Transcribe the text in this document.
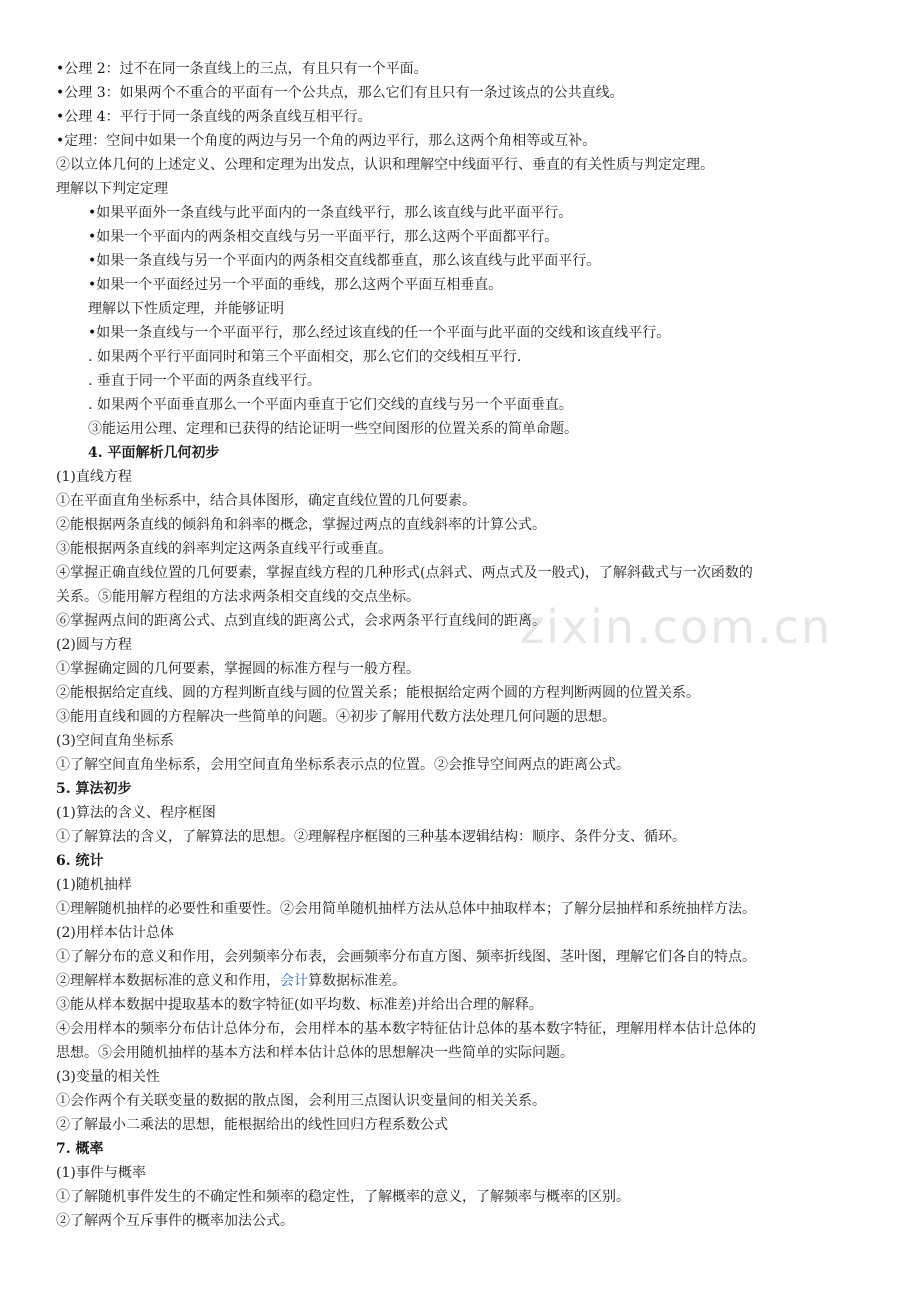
zixin.com.cn
•公理 2：过不在同一条直线上的三点，有且只有一个平面。
•公理 3：如果两个不重合的平面有一个公共点，那么它们有且只有一条过该点的公共直线。
•公理 4：平行于同一条直线的两条直线互相平行。
•定理：空间中如果一个角度的两边与另一个角的两边平行，那么这两个角相等或互补。
②以立体几何的上述定义、公理和定理为出发点，认识和理解空中线面平行、垂直的有关性质与判定定理。
理解以下判定定理
•如果平面外一条直线与此平面内的一条直线平行，那么该直线与此平面平行。
•如果一个平面内的两条相交直线与另一平面平行，那么这两个平面都平行。
•如果一条直线与另一个平面内的两条相交直线都垂直，那么该直线与此平面平行。
•如果一个平面经过另一个平面的垂线，那么这两个平面互相垂直。
理解以下性质定理，并能够证明
•如果一条直线与一个平面平行，那么经过该直线的任一个平面与此平面的交线和该直线平行。
. 如果两个平行平面同时和第三个平面相交，那么它们的交线相互平行.
. 垂直于同一个平面的两条直线平行。
. 如果两个平面垂直那么一个平面内垂直于它们交线的直线与另一个平面垂直。
③能运用公理、定理和已获得的结论证明一些空间图形的位置关系的简单命题。
4. 平面解析几何初步
(1)直线方程
①在平面直角坐标系中，结合具体图形，确定直线位置的几何要素。
②能根据两条直线的倾斜角和斜率的概念，掌握过两点的直线斜率的计算公式。
③能根据两条直线的斜率判定这两条直线平行或垂直。
④掌握正确直线位置的几何要素，掌握直线方程的几种形式(点斜式、两点式及一般式)，了解斜截式与一次函数的
关系。⑤能用解方程组的方法求两条相交直线的交点坐标。
⑥掌握两点间的距离公式、点到直线的距离公式，会求两条平行直线间的距离。
(2)圆与方程
①掌握确定圆的几何要素，掌握圆的标准方程与一般方程。
②能根据给定直线、圆的方程判断直线与圆的位置关系；能根据给定两个圆的方程判断两圆的位置关系。
③能用直线和圆的方程解决一些简单的问题。④初步了解用代数方法处理几何问题的思想。
(3)空间直角坐标系
①了解空间直角坐标系，会用空间直角坐标系表示点的位置。②会推导空间两点的距离公式。
5. 算法初步
(1)算法的含义、程序框图
①了解算法的含义，了解算法的思想。②理解程序框图的三种基本逻辑结构：顺序、条件分支、循环。
6. 统计
(1)随机抽样
①理解随机抽样的必要性和重要性。②会用简单随机抽样方法从总体中抽取样本；了解分层抽样和系统抽样方法。
(2)用样本估计总体
①了解分布的意义和作用，会列频率分布表，会画频率分布直方图、频率折线图、茎叶图，理解它们各自的特点。
②理解样本数据标准的意义和作用，会计算数据标准差。
③能从样本数据中提取基本的数字特征(如平均数、标准差)并给出合理的解释。
④会用样本的频率分布估计总体分布，会用样本的基本数字特征估计总体的基本数字特征，理解用样本估计总体的
思想。⑤会用随机抽样的基本方法和样本估计总体的思想解决一些简单的实际问题。
(3)变量的相关性
①会作两个有关联变量的数据的散点图，会利用三点图认识变量间的相关关系。
②了解最小二乘法的思想，能根据给出的线性回归方程系数公式
7. 概率
(1)事件与概率
①了解随机事件发生的不确定性和频率的稳定性，了解概率的意义，了解频率与概率的区别。
②了解两个互斥事件的概率加法公式。
